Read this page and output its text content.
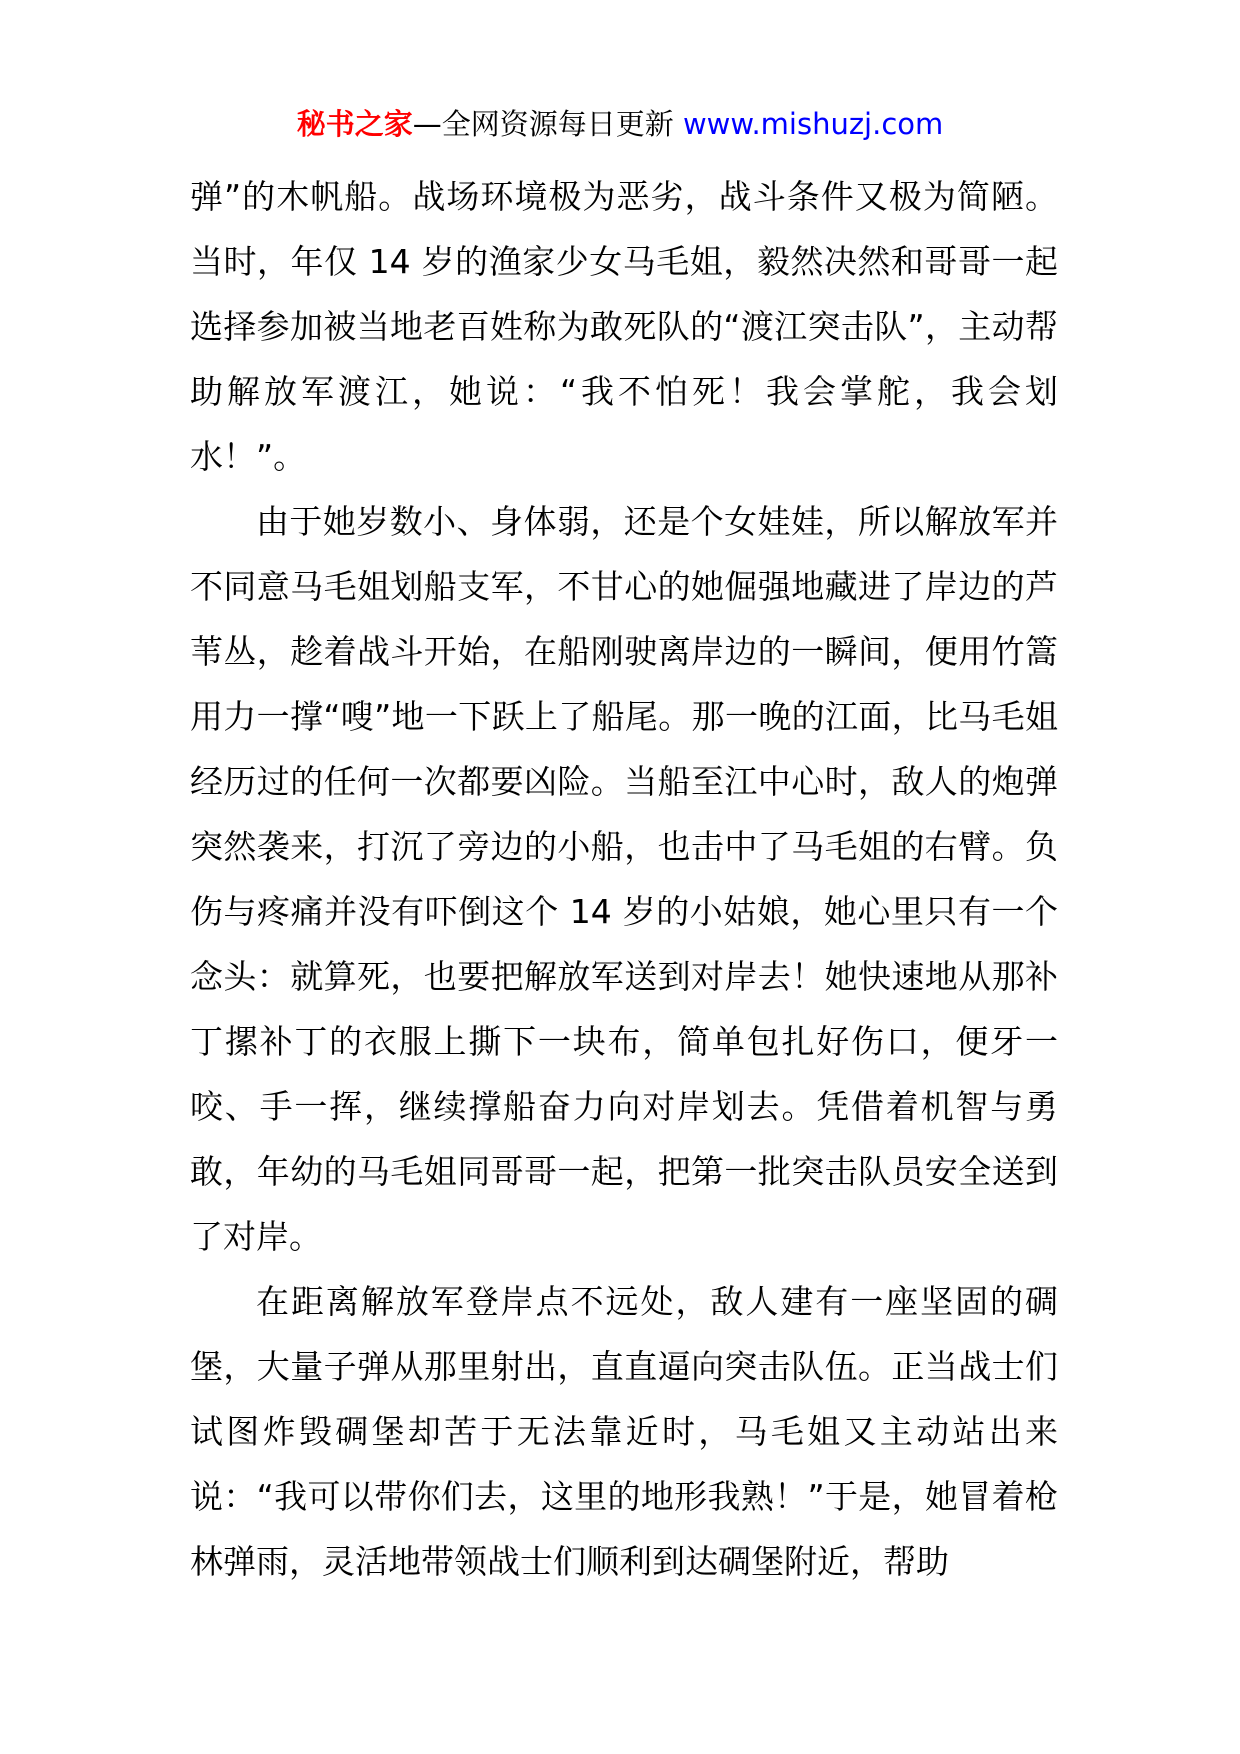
秘书之家—全网资源每日更新 www.mishuzj.com

弹”的木帆船。战场环境极为恶劣，战斗条件又极为简陋。当时，年仅 14 岁的渔家少女马毛姐，毅然决然和哥哥一起选择参加被当地老百姓称为敢死队的“渡江突击队”，主动帮助解放军渡江，她说：“我不怕死！我会掌舵，我会划水！”。

由于她岁数小、身体弱，还是个女娃娃，所以解放军并不同意马毛姐划船支军，不甘心的她倔强地藏进了岸边的芦苇丛，趁着战斗开始，在船刚驶离岸边的一瞬间，便用竹篙用力一撑“嗖”地一下跃上了船尾。那一晚的江面，比马毛姐经历过的任何一次都要凶险。当船至江中心时，敌人的炮弹突然袭来，打沉了旁边的小船，也击中了马毛姐的右臂。负伤与疼痛并没有吓倒这个 14 岁的小姑娘，她心里只有一个念头：就算死，也要把解放军送到对岸去！她快速地从那补丁摞补丁的衣服上撕下一块布，简单包扎好伤口，便牙一咬、手一挥，继续撑船奋力向对岸划去。凭借着机智与勇敢，年幼的马毛姐同哥哥一起，把第一批突击队员安全送到了对岸。

在距离解放军登岸点不远处，敌人建有一座坚固的碉堡，大量子弹从那里射出，直直逼向突击队伍。正当战士们试图炸毁碉堡却苦于无法靠近时，马毛姐又主动站出来说：“我可以带你们去，这里的地形我熟！”于是，她冒着枪林弹雨，灵活地带领战士们顺利到达碉堡附近，帮助
